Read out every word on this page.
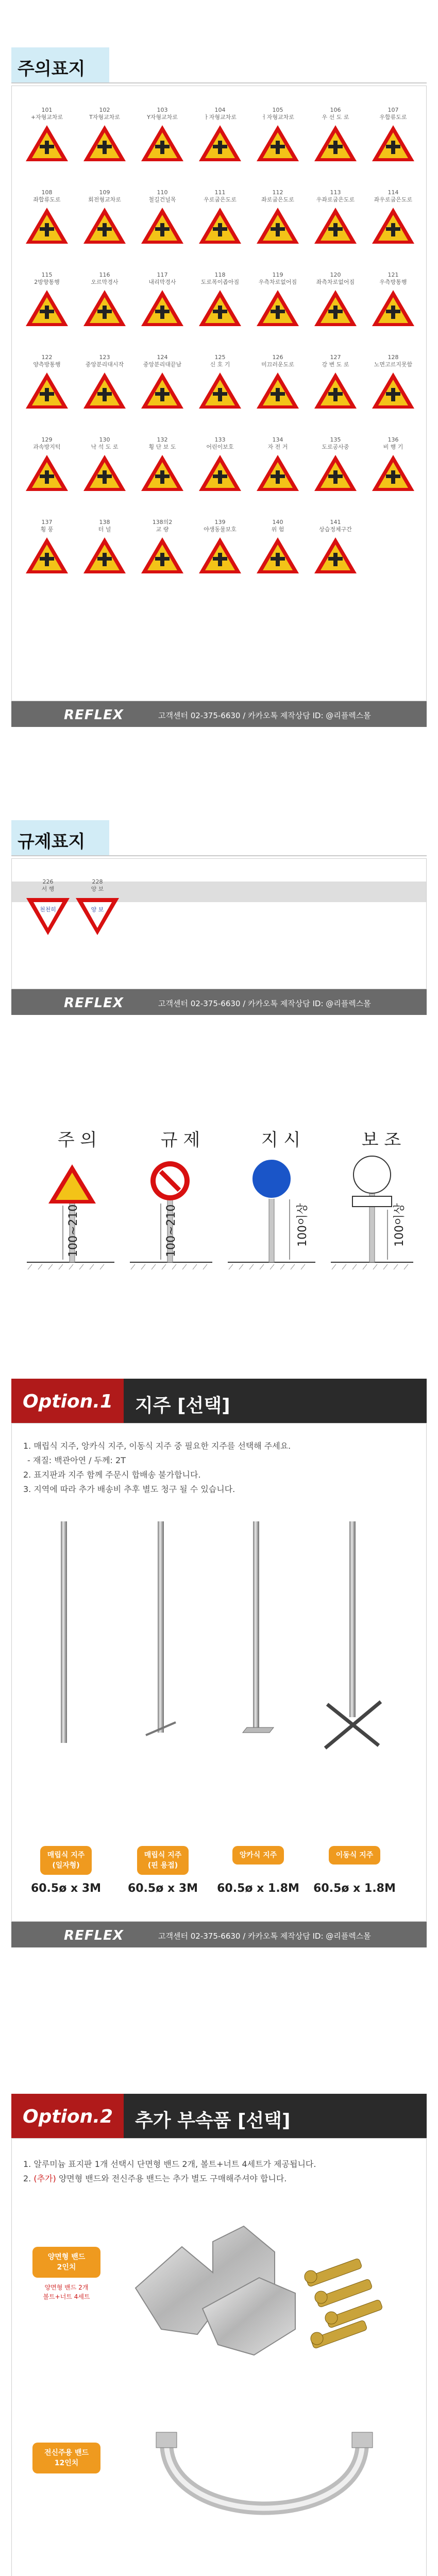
주의표지
101
+자형교차로
102
T자형교차로
103
Y자형교차로
104
ㅏ자형교차로
105
ㅓ자형교차로
106
우 선 도 로
107
우합류도로
108
좌합류도로
109
회전형교차로
110
철길건널목
111
우로굽은도로
112
좌로굽은도로
113
우좌로굽은도로
114
좌우로굽은도로
115
2방향통행
116
오르막경사
117
내리막경사
118
도로폭이좁아짐
119
우측차로없어짐
120
좌측차로없어짐
121
우측방통행
122
양측방통행
123
중앙분리대시작
124
중앙분리대끝남
125
신 호 기
126
미끄러운도로
127
강 변 도 로
128
노면고르지못함
129
과속방지턱
130
낙 석 도 로
132
횡 단 보 도
133
어린이보호
134
자 전 거
135
도로공사중
136
비 행 기
137
횡 풍
138
터 널
138의2
교 량
139
야생동물보호
140
위 험
141
상습정체구간
REFLEX	고객센터 02-375-6630 / 카카오톡 제작상담 ID: @리플렉스몰
규제표지
226
서 행
천천히
228
양 보
양 보
REFLEX	고객센터 02-375-6630 / 카카오톡 제작상담 ID: @리플렉스몰
주 의	규 제	지 시	보 조
100~210	100~210	100이상	100이상
Option.1 지주 [선택]
1. 매립식 지주, 앙카식 지주, 이동식 지주 중 필요한 지주를 선택해 주세요.
- 재질: 백관아연 / 두께: 2T
2. 표지판과 지주 함께 주문시 합배송 불가합니다.
3. 지역에 따라 추가 배송비 추후 별도 청구 될 수 있습니다.
매립식 지주
(일자형)
60.5ø x 3M
매립식 지주
(핀 용접)
60.5ø x 3M
앙카식 지주
60.5ø x 1.8M
이동식 지주
60.5ø x 1.8M
REFLEX	고객센터 02-375-6630 / 카카오톡 제작상담 ID: @리플렉스몰
Option.2 추가 부속품 [선택]
1. 알루미늄 표지판 1개 선택시 단면형 밴드 2개, 볼트+너트 4세트가 제공됩니다.
2. (추가) 양면형 밴드와 전신주용 밴드는 추가 별도 구매해주셔야 합니다.
양면형 밴드
2인치
양면형 밴드 2개
볼트+너트 4세트
전신주용 밴드
12인치
